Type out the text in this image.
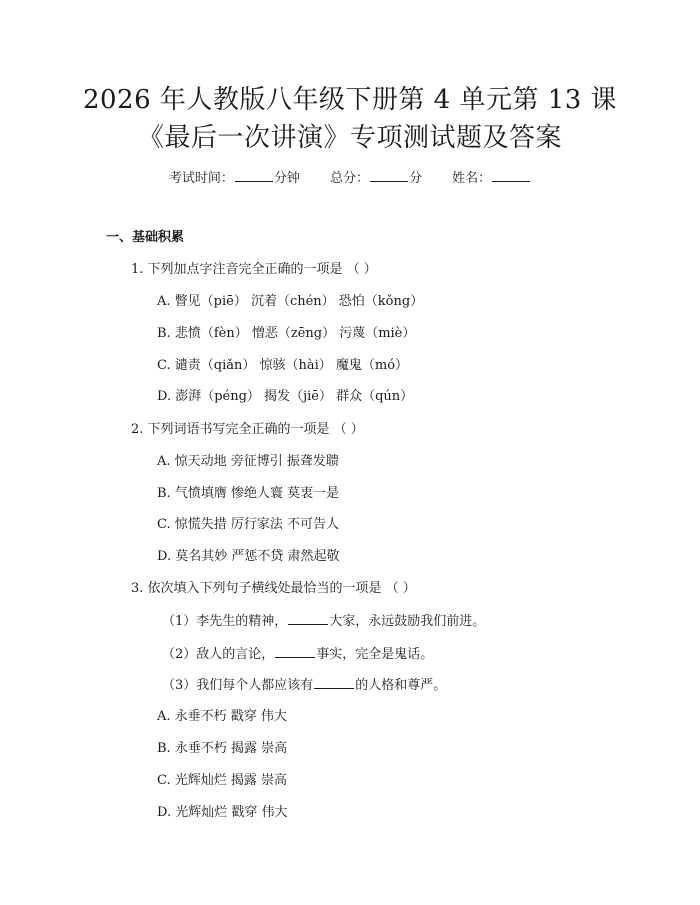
2026 年人教版八年级下册第 4 单元第 13 课
《最后一次讲演》专项测试题及答案
考试时间：	分钟 总分：	分 姓名：
一、基础积累
1. 下列加点字注音完全正确的一项是 （ ）
A. 瞥见（piē） 沉着（chén） 恐怕（kǒng）
B. 悲愤（fèn） 憎恶（zēng） 污蔑（miè）
C. 谴责（qiǎn） 惊骇（hài） 魔鬼（mó）
D. 澎湃（péng） 揭发（jiē） 群众（qún）
2. 下列词语书写完全正确的一项是 （ ）
A. 惊天动地 旁征博引 振聋发聩
B. 气愤填膺 惨绝人寰 莫衷一是
C. 惊慌失措 厉行家法 不可告人
D. 莫名其妙 严惩不贷 肃然起敬
3. 依次填入下列句子横线处最恰当的一项是 （ ）
（1）李先生的精神，	大家，永远鼓励我们前进。
（2）敌人的言论，	事实，完全是鬼话。
（3）我们每个人都应该有	的人格和尊严。
A. 永垂不朽 戳穿 伟大
B. 永垂不朽 揭露 崇高
C. 光辉灿烂 揭露 崇高
D. 光辉灿烂 戳穿 伟大
